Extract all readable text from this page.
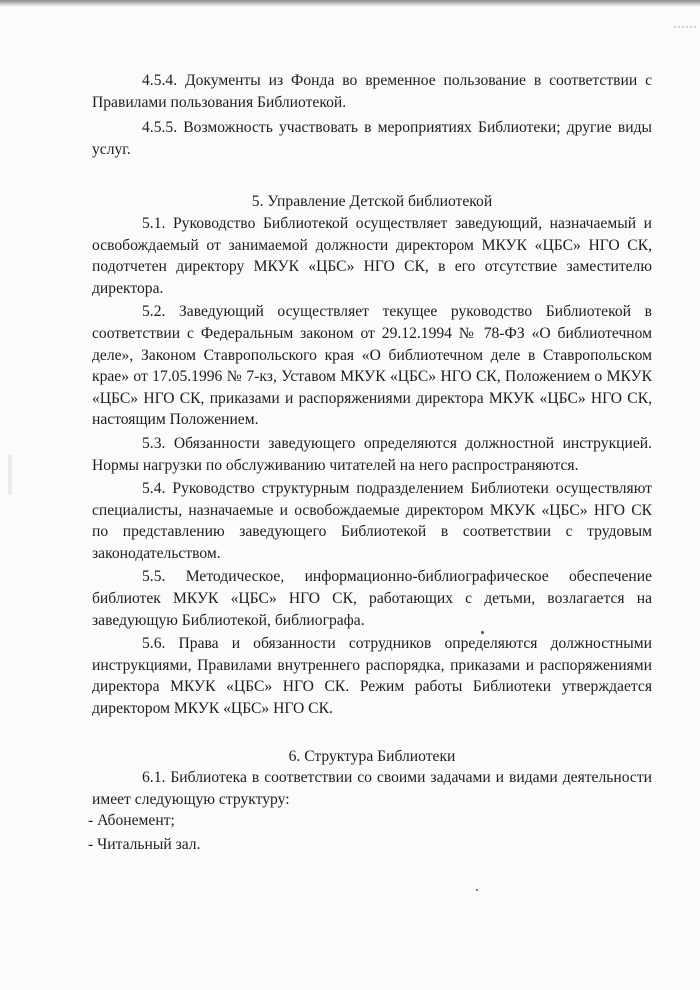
4.5.4. Документы из Фонда во временное пользование в соответствии с Правилами пользования Библиотекой.

4.5.5. Возможность участвовать в мероприятиях Библиотеки; другие виды услуг.

5. Управление Детской библиотекой

5.1. Руководство Библиотекой осуществляет заведующий, назначаемый и освобождаемый от занимаемой должности директором МКУК «ЦБС» НГО СК, подотчетен директору МКУК «ЦБС» НГО СК, в его отсутствие заместителю директора.

5.2. Заведующий осуществляет текущее руководство Библиотекой в соответствии с Федеральным законом от 29.12.1994 № 78-ФЗ «О библиотечном деле», Законом Ставропольского края «О библиотечном деле в Ставропольском крае» от 17.05.1996 № 7-кз, Уставом МКУК «ЦБС» НГО СК, Положением о МКУК «ЦБС» НГО СК, приказами и распоряжениями директора МКУК «ЦБС» НГО СК, настоящим Положением.

5.3. Обязанности заведующего определяются должностной инструкцией. Нормы нагрузки по обслуживанию читателей на него распространяются.

5.4. Руководство структурным подразделением Библиотеки осуществляют специалисты, назначаемые и освобождаемые директором МКУК «ЦБС» НГО СК по представлению заведующего Библиотекой в соответствии с трудовым законодательством.

5.5. Методическое, информационно-библиографическое обеспечение библиотек МКУК «ЦБС» НГО СК, работающих с детьми, возлагается на заведующую Библиотекой, библиографа.

5.6. Права и обязанности сотрудников определяются должностными инструкциями, Правилами внутреннего распорядка, приказами и распоряжениями директора МКУК «ЦБС» НГО СК. Режим работы Библиотеки утверждается директором МКУК «ЦБС» НГО СК.

6. Структура Библиотеки

6.1. Библиотека в соответствии со своими задачами и видами деятельности имеет следующую структуру:

- Абонемент;

- Читальный зал.
